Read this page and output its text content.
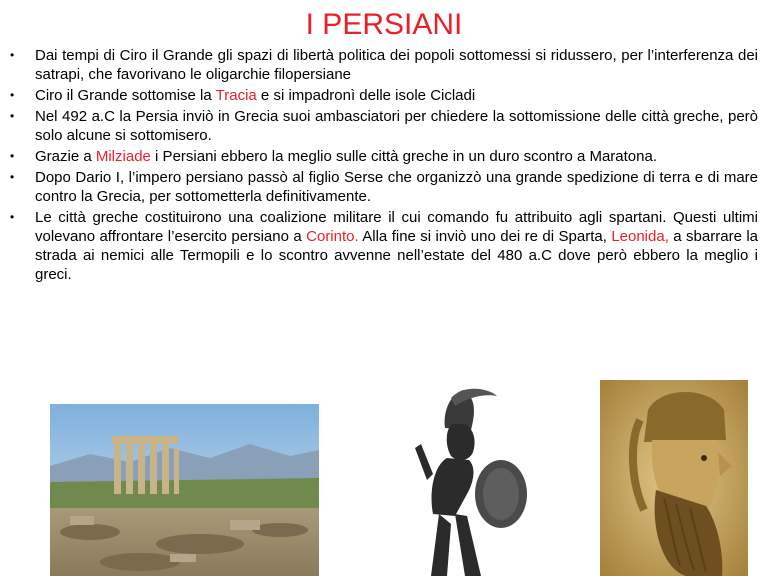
I PERSIANI
• Dai tempi di Ciro il Grande gli spazi di libertà politica dei popoli sottomessi si ridussero, per l’interferenza dei satrapi, che favorivano le oligarchie filopersiane
• Ciro il Grande sottomise la Tracia e si impadronì delle isole Cicladi
• Nel 492 a.C la Persia inviò in Grecia suoi ambasciatori per chiedere la sottomissione delle città greche, però solo alcune si sottomisero.
• Grazie a Milziade i Persiani ebbero la meglio sulle città greche in un duro scontro a Maratona.
• Dopo Dario I, l’impero persiano passò al figlio Serse che organizzò una grande spedizione di terra e di mare contro la Grecia, per sottometterla definitivamente.
• Le città greche costituirono una coalizione militare il cui comando fu attribuito agli spartani. Questi ultimi volevano affrontare l’esercito persiano a Corinto. Alla fine si inviò uno dei re di Sparta, Leonida, a sbarrare la strada ai nemici alle Termopili e lo scontro avvenne nell’estate del 480 a.C dove però ebbero la meglio i greci.
